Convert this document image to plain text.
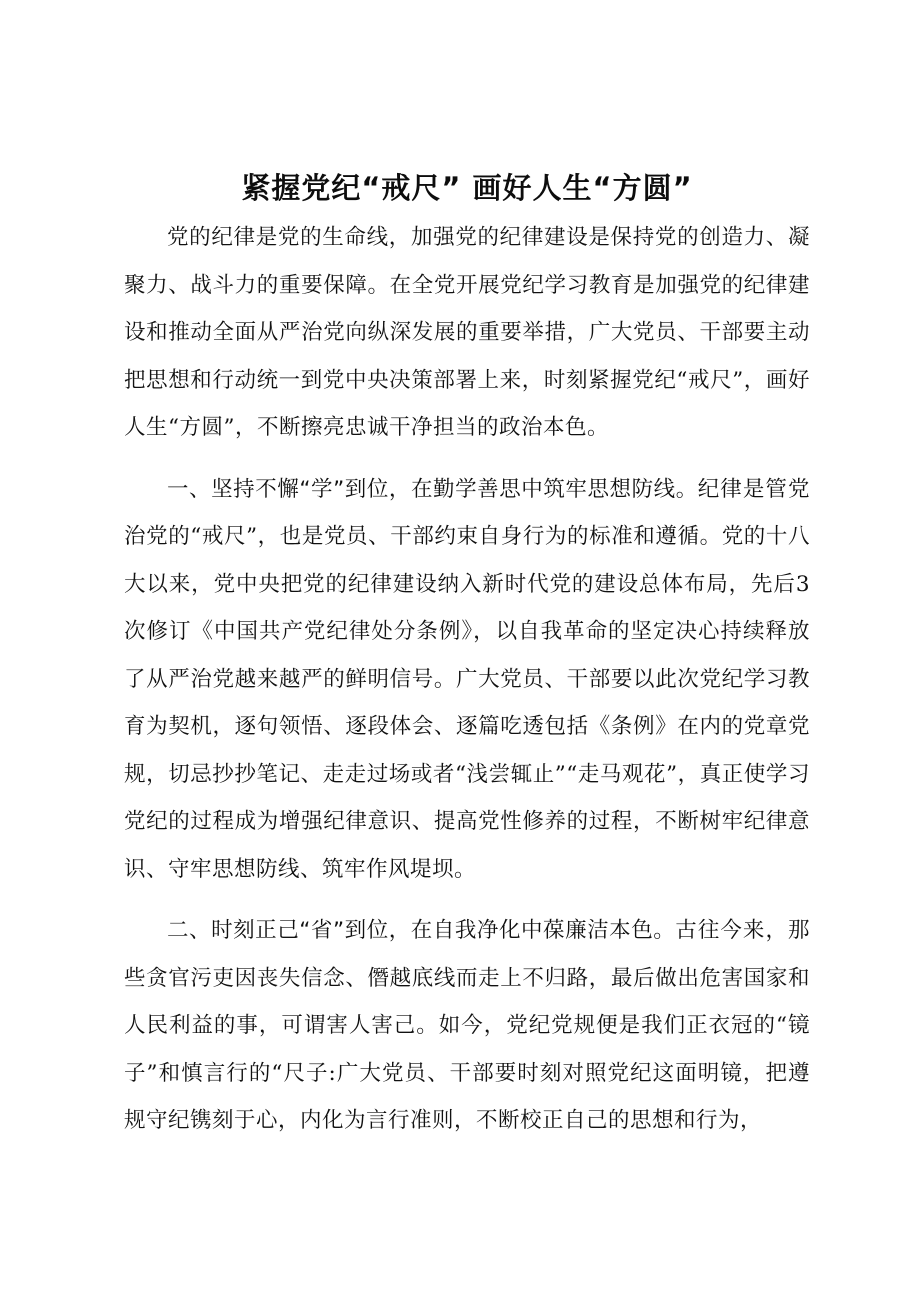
紧握党纪“戒尺” 画好人生“方圆”

党的纪律是党的生命线，加强党的纪律建设是保持党的创造力、凝聚力、战斗力的重要保障。在全党开展党纪学习教育是加强党的纪律建设和推动全面从严治党向纵深发展的重要举措，广大党员、干部要主动把思想和行动统一到党中央决策部署上来，时刻紧握党纪“戒尺”，画好人生“方圆”，不断擦亮忠诚干净担当的政治本色。

一、坚持不懈“学”到位，在勤学善思中筑牢思想防线。纪律是管党治党的“戒尺”，也是党员、干部约束自身行为的标准和遵循。党的十八大以来，党中央把党的纪律建设纳入新时代党的建设总体布局，先后3次修订《中国共产党纪律处分条例》，以自我革命的坚定决心持续释放了从严治党越来越严的鲜明信号。广大党员、干部要以此次党纪学习教育为契机，逐句领悟、逐段体会、逐篇吃透包括《条例》在内的党章党规，切忌抄抄笔记、走走过场或者“浅尝辄止”“走马观花”，真正使学习党纪的过程成为增强纪律意识、提高党性修养的过程，不断树牢纪律意识、守牢思想防线、筑牢作风堤坝。

二、时刻正己“省”到位，在自我净化中葆廉洁本色。古往今来，那些贪官污吏因丧失信念、僭越底线而走上不归路，最后做出危害国家和人民利益的事，可谓害人害己。如今，党纪党规便是我们正衣冠的“镜子”和慎言行的“尺子:广大党员、干部要时刻对照党纪这面明镜，把遵规守纪镌刻于心，内化为言行准则，不断校正自己的思想和行为，
